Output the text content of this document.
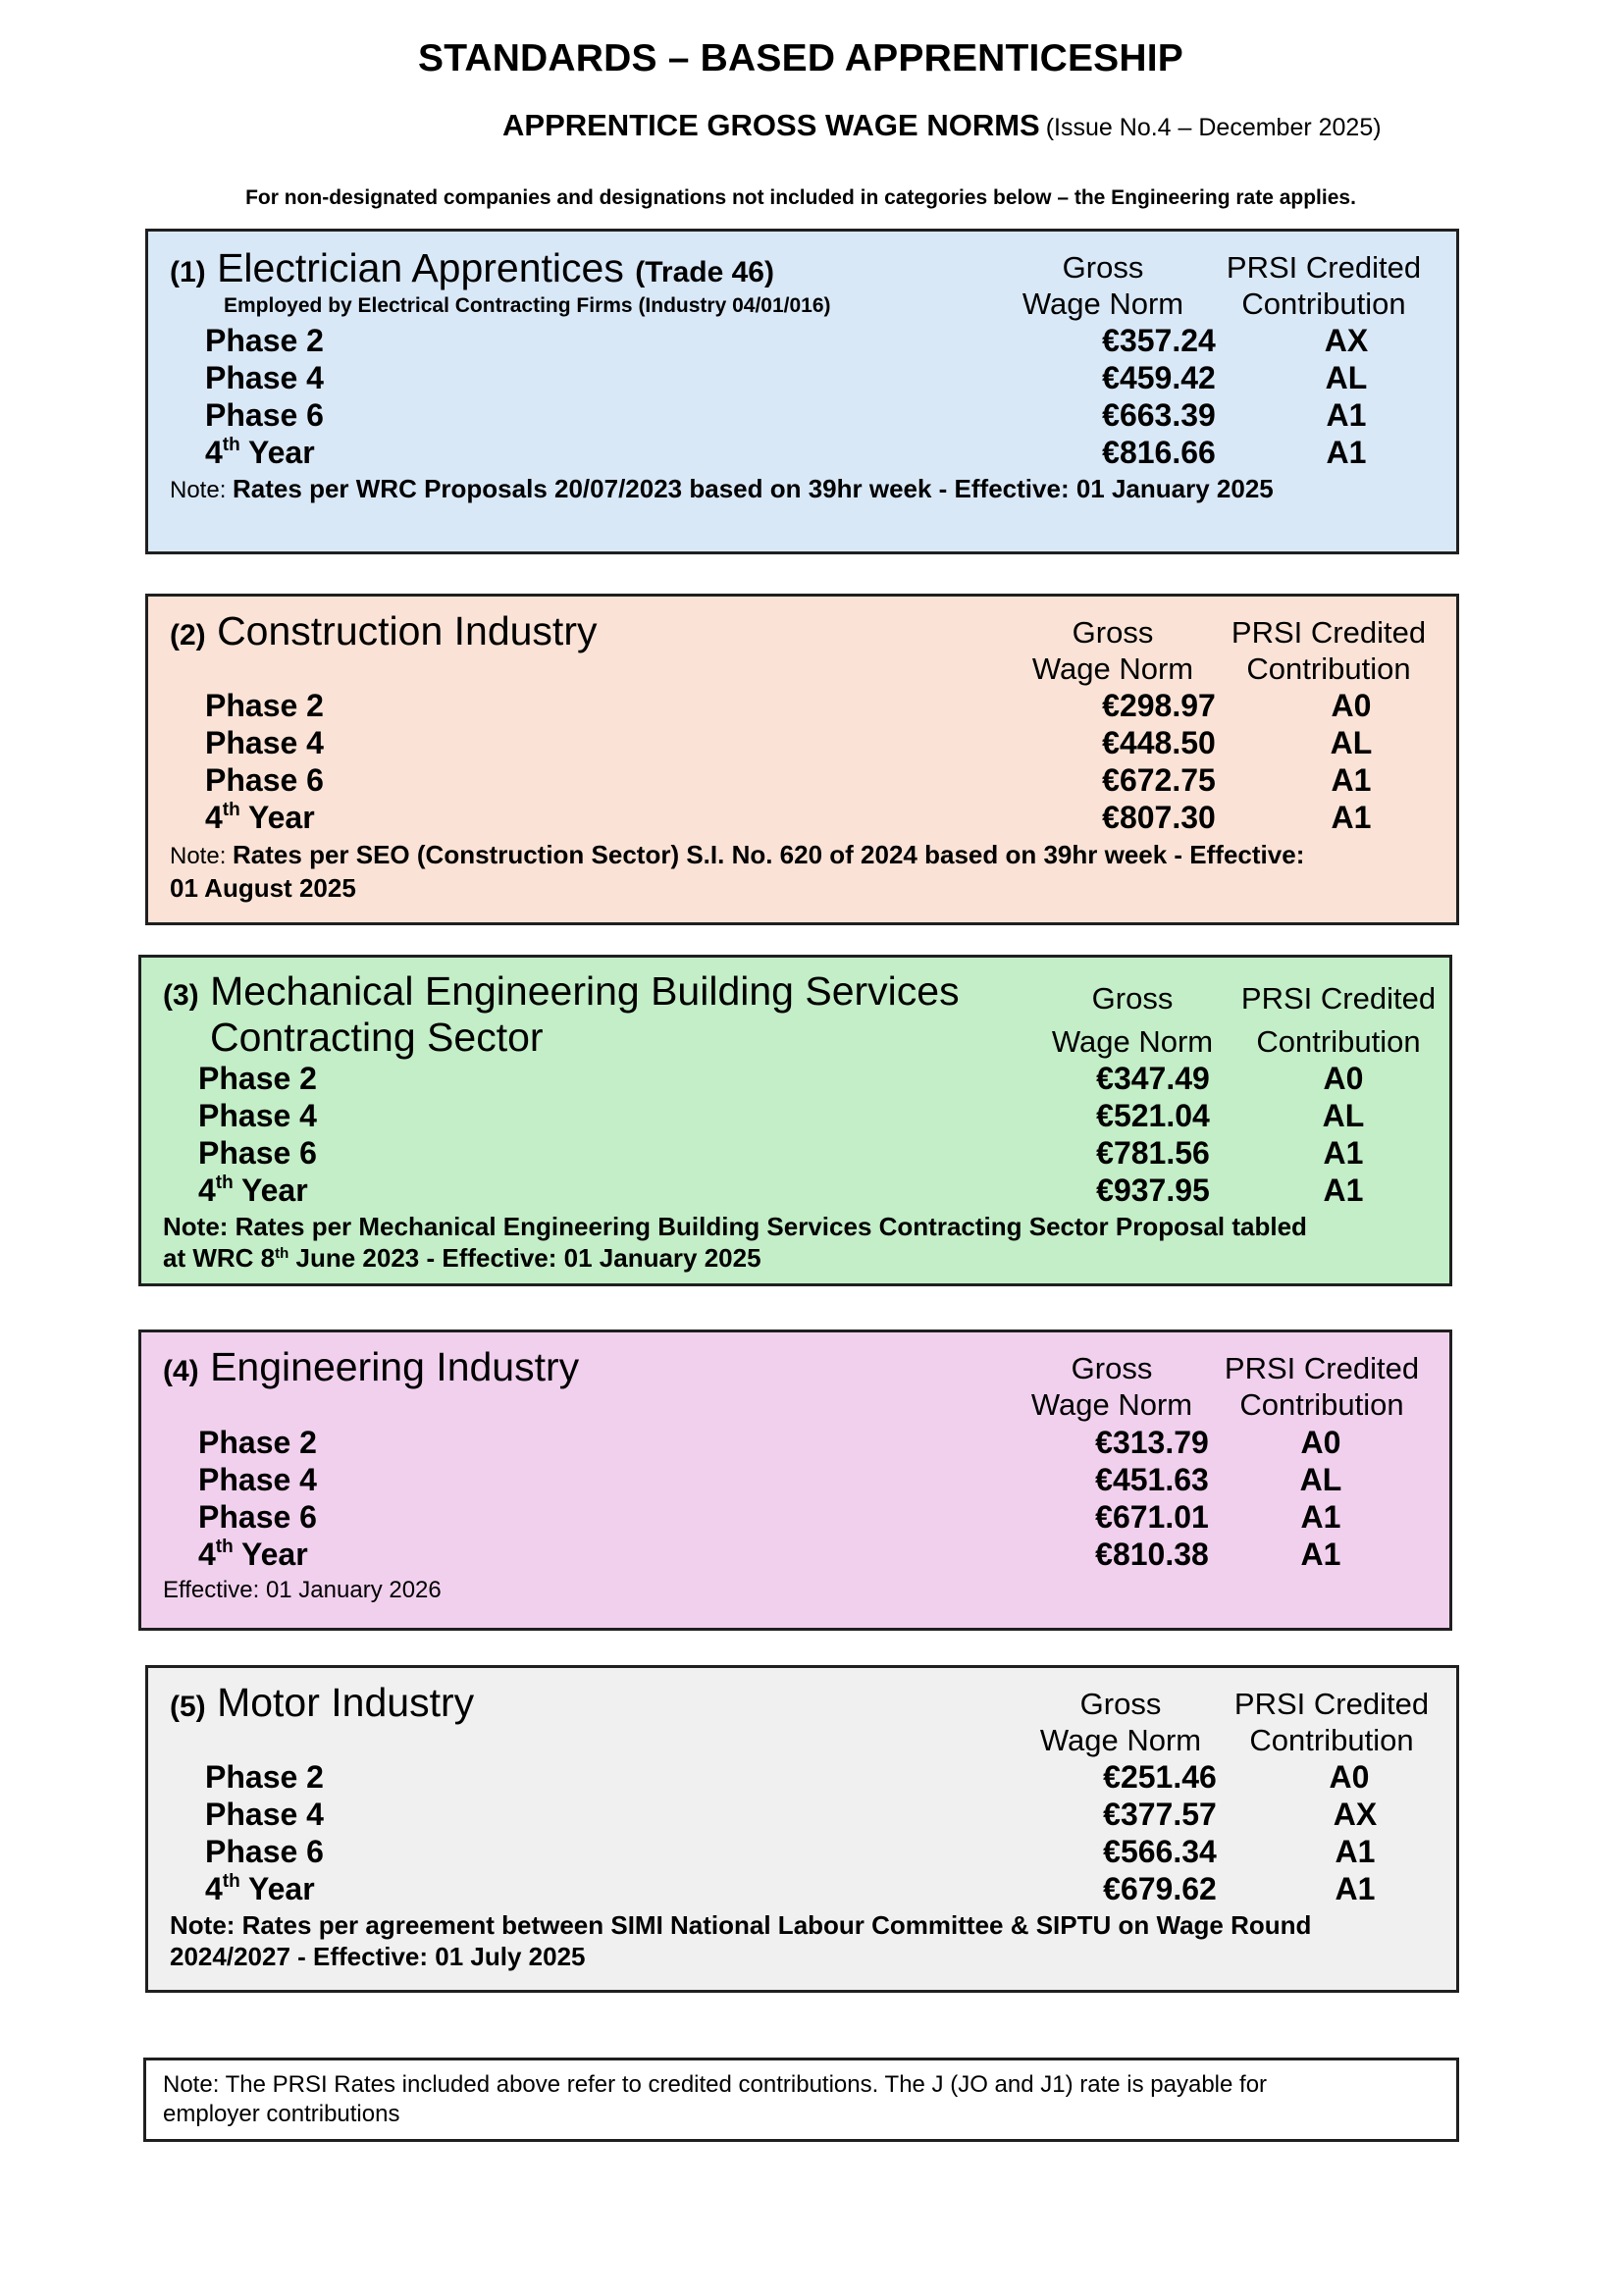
STANDARDS – BASED APPRENTICESHIP
APPRENTICE GROSS WAGE NORMS (Issue No.4 – December 2025)
For non-designated companies and designations not included in categories below – the Engineering rate applies.
(1) Electrician Apprentices (Trade 46)
Employed by Electrical Contracting Firms (Industry 04/01/016)
Gross
Wage Norm
PRSI Credited
Contribution
Phase 2	€357.24	AX
Phase 4	€459.42	AL
Phase 6	€663.39	A1
4th Year	€816.66	A1
Note: Rates per WRC Proposals 20/07/2023 based on 39hr week - Effective: 01 January 2025
(2) Construction Industry	Gross
Wage Norm
PRSI Credited
Contribution
Phase 2	€298.97	A0
Phase 4	€448.50	AL
Phase 6	€672.75	A1
4th Year	€807.30	A1
Note: Rates per SEO (Construction Sector) S.I. No. 620 of 2024 based on 39hr week - Effective:
01 August 2025
(3) Mechanical Engineering Building Services
Contracting Sector
Gross
Wage Norm
PRSI Credited
Contribution
Phase 2	€347.49	A0
Phase 4	€521.04	AL
Phase 6	€781.56	A1
4th Year	€937.95	A1
Note: Rates per Mechanical Engineering Building Services Contracting Sector Proposal tabled
at WRC 8th June 2023 - Effective: 01 January 2025
(4) Engineering Industry	Gross
Wage Norm
PRSI Credited
Contribution
Phase 2	€313.79	A0
Phase 4	€451.63	AL
Phase 6	€671.01	A1
4th Year	€810.38	A1
Effective: 01 January 2026
(5) Motor Industry	Gross
Wage Norm
PRSI Credited
Contribution
Phase 2	€251.46	A0
Phase 4	€377.57	AX
Phase 6	€566.34	A1
4th Year	€679.62	A1
Note: Rates per agreement between SIMI National Labour Committee & SIPTU on Wage Round
2024/2027 - Effective: 01 July 2025
Note: The PRSI Rates included above refer to credited contributions. The J (JO and J1) rate is payable for
employer contributions
